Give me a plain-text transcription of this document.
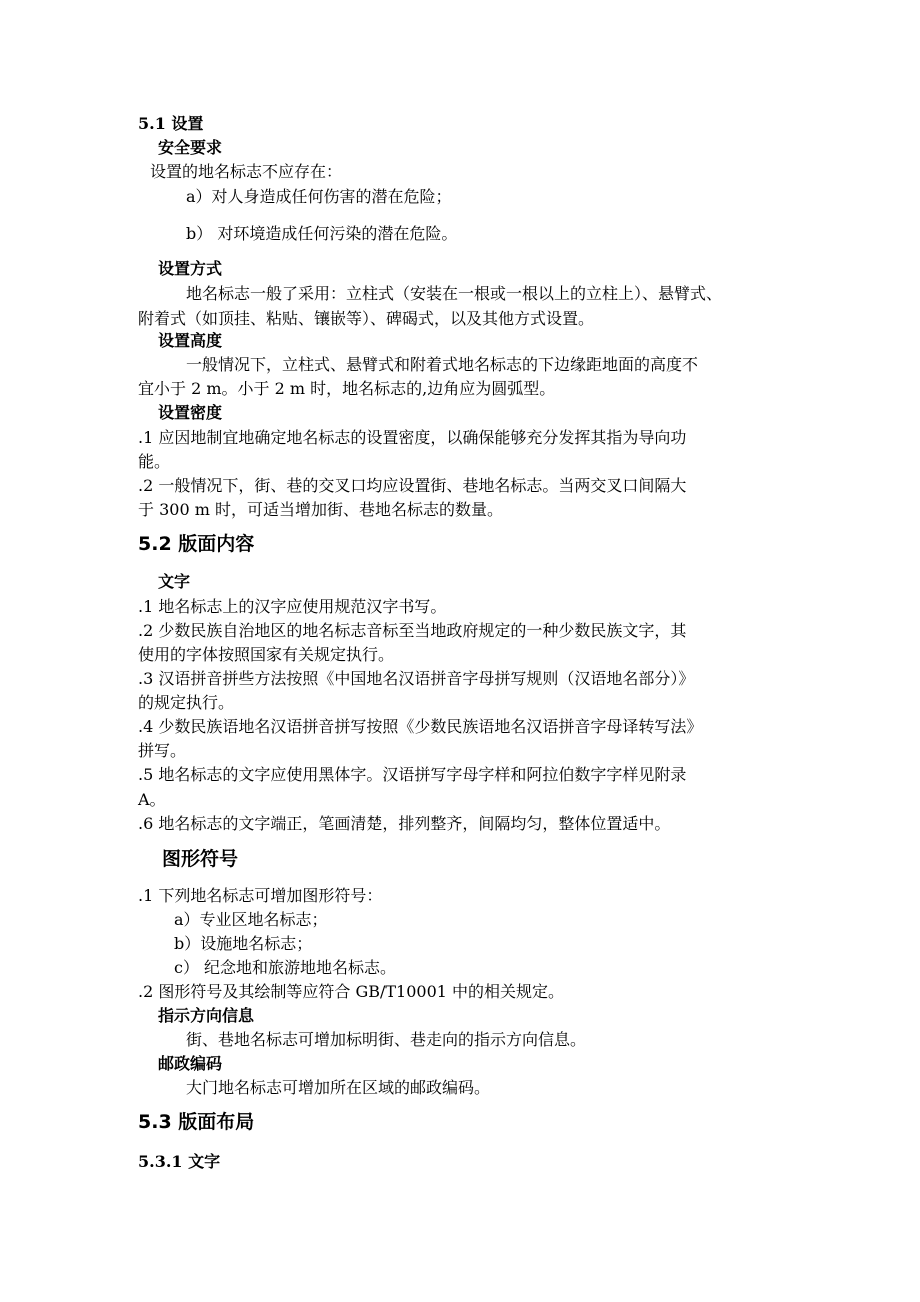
5.1 设置
安全要求
设置的地名标志不应存在：
a）对人身造成任何伤害的潜在危险；
b） 对环境造成任何污染的潜在危险。
设置方式
地名标志一般了采用：立柱式（安装在一根或一根以上的立柱上）、悬臂式、
附着式（如顶挂、粘贴、镶嵌等）、碑碣式，以及其他方式设置。
设置高度
一般情况下，立柱式、悬臂式和附着式地名标志的下边缘距地面的高度不
宜小于 2 m。小于 2 m 时，地名标志的,边角应为圆弧型。
设置密度
.1 应因地制宜地确定地名标志的设置密度，以确保能够充分发挥其指为导向功
能。
.2 一般情况下，街、巷的交叉口均应设置街、巷地名标志。当两交叉口间隔大
于 300 m 时，可适当增加街、巷地名标志的数量。
5.2 版面内容
文字
.1 地名标志上的汉字应使用规范汉字书写。
.2 少数民族自治地区的地名标志音标至当地政府规定的一种少数民族文字，其
使用的字体按照国家有关规定执行。
.3 汉语拼音拼些方法按照《中国地名汉语拼音字母拼写规则（汉语地名部分）》
的规定执行。
.4 少数民族语地名汉语拼音拼写按照《少数民族语地名汉语拼音字母译转写法》
拼写。
.5 地名标志的文字应使用黑体字。汉语拼写字母字样和阿拉伯数字字样见附录
A。
.6 地名标志的文字端正，笔画清楚，排列整齐，间隔均匀，整体位置适中。
图形符号
.1 下列地名标志可增加图形符号：
a）专业区地名标志；
b）设施地名标志；
c） 纪念地和旅游地地名标志。
.2 图形符号及其绘制等应符合 GB/T10001 中的相关规定。
指示方向信息
街、巷地名标志可增加标明街、巷走向的指示方向信息。
邮政编码
大门地名标志可增加所在区域的邮政编码。
5.3 版面布局
5.3.1 文字
